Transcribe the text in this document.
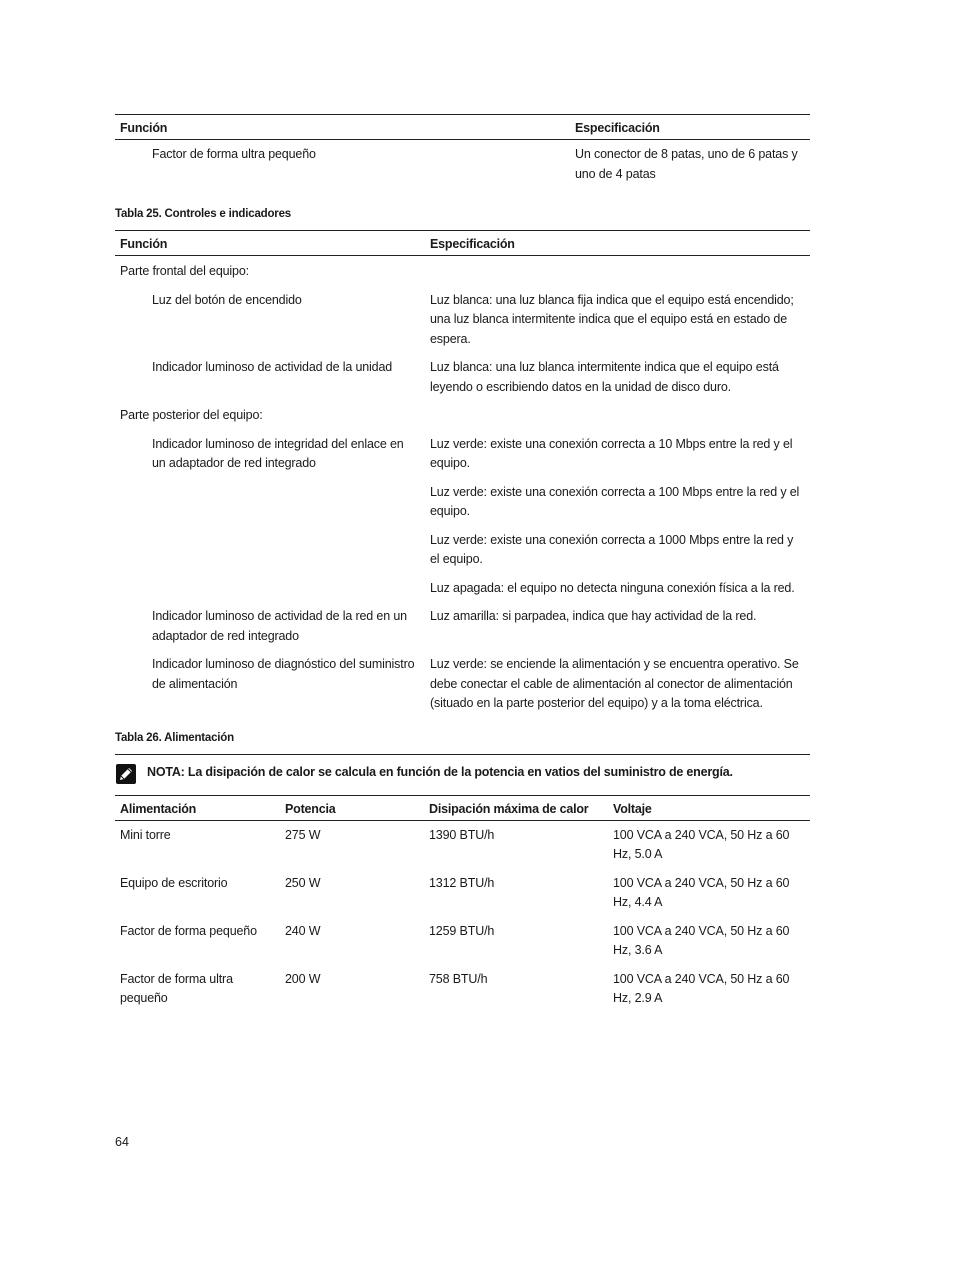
Función	Especificación
Factor de forma ultra pequeño	Un conector de 8 patas, uno de 6 patas y uno de 4 patas

Tabla 25. Controles e indicadores

Función	Especificación
Parte frontal del equipo:	
Luz del botón de encendido	Luz blanca: una luz blanca fija indica que el equipo está encendido; una luz blanca intermitente indica que el equipo está en estado de espera.
Indicador luminoso de actividad de la unidad	Luz blanca: una luz blanca intermitente indica que el equipo está leyendo o escribiendo datos en la unidad de disco duro.
Parte posterior del equipo:	
Indicador luminoso de integridad del enlace en un adaptador de red integrado	Luz verde: existe una conexión correcta a 10 Mbps entre la red y el equipo.
	Luz verde: existe una conexión correcta a 100 Mbps entre la red y el equipo.
	Luz verde: existe una conexión correcta a 1000 Mbps entre la red y el equipo.
	Luz apagada: el equipo no detecta ninguna conexión física a la red.
Indicador luminoso de actividad de la red en un adaptador de red integrado	Luz amarilla: si parpadea, indica que hay actividad de la red.
Indicador luminoso de diagnóstico del suministro de alimentación	Luz verde: se enciende la alimentación y se encuentra operativo. Se debe conectar el cable de alimentación al conector de alimentación (situado en la parte posterior del equipo) y a la toma eléctrica.

Tabla 26. Alimentación

NOTA: La disipación de calor se calcula en función de la potencia en vatios del suministro de energía.
Alimentación	Potencia	Disipación máxima de calor	Voltaje
Mini torre	275 W	1390 BTU/h	100 VCA a 240 VCA, 50 Hz a 60 Hz, 5.0 A
Equipo de escritorio	250 W	1312 BTU/h	100 VCA a 240 VCA, 50 Hz a 60 Hz, 4.4 A
Factor de forma pequeño	240 W	1259 BTU/h	100 VCA a 240 VCA, 50 Hz a 60 Hz, 3.6 A
Factor de forma ultra pequeño	200 W	758 BTU/h	100 VCA a 240 VCA, 50 Hz a 60 Hz, 2.9 A
64
